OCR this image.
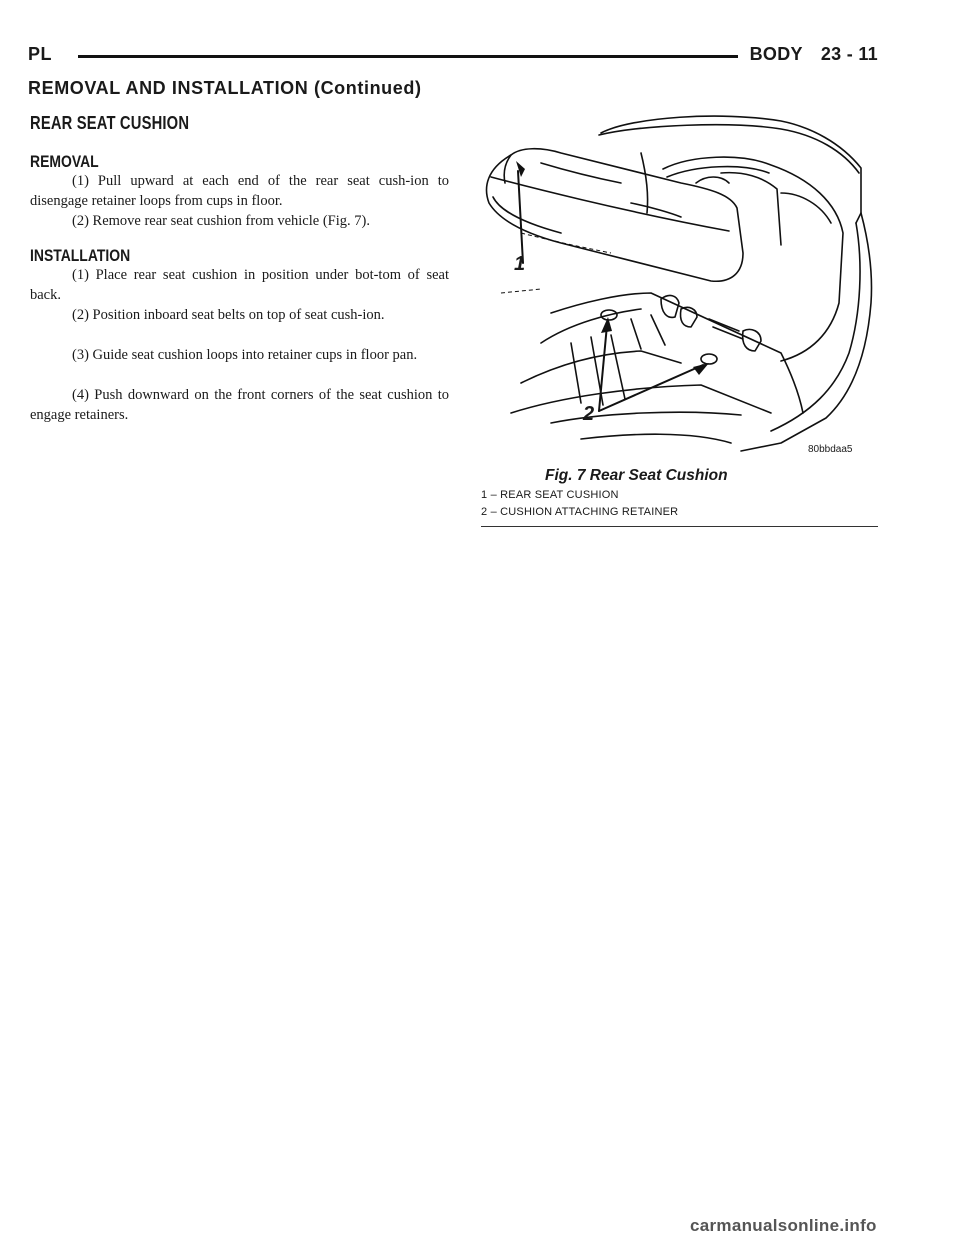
PL	BODY 23 - 11
REMOVAL AND INSTALLATION (Continued)
REAR SEAT CUSHION
REMOVAL
(1) Pull upward at each end of the rear seat cush-ion to disengage retainer loops from cups in floor.
(2) Remove rear seat cushion from vehicle (Fig. 7).
INSTALLATION
(1) Place rear seat cushion in position under bot-tom of seat back.
(2) Position inboard seat belts on top of seat cush-ion.
(3) Guide seat cushion loops into retainer cups in floor pan.
(4) Push downward on the front corners of the seat cushion to engage retainers.
1
2
80bbdaa5
Fig. 7 Rear Seat Cushion
1 – REAR SEAT CUSHION
2 – CUSHION ATTACHING RETAINER
carmanualsonline.info
